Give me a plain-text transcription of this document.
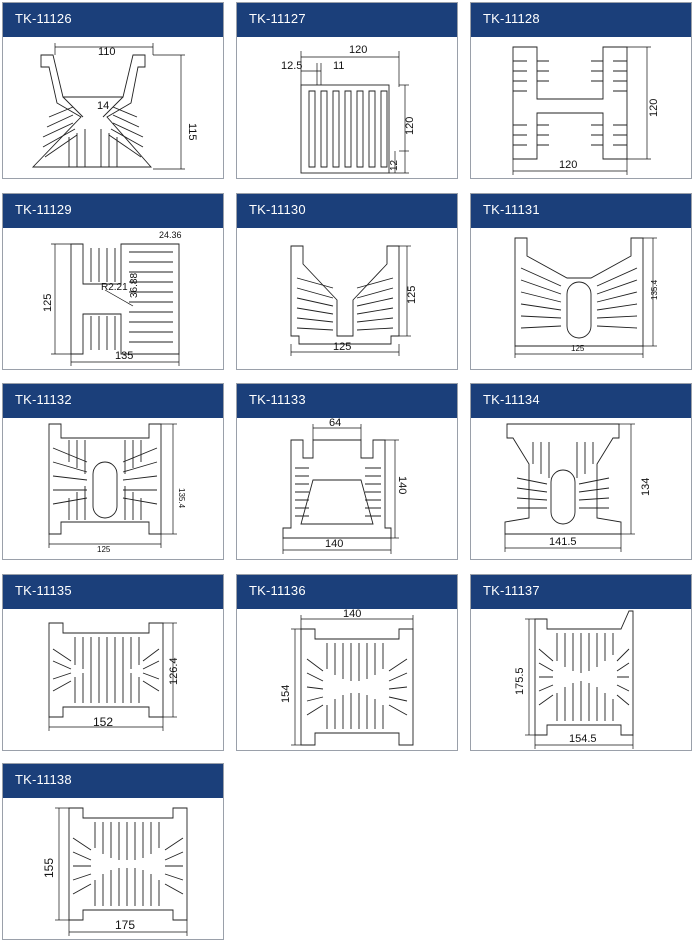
TK-11126
110
14
115
TK-11127
120
12.5	11
120
12
TK-11128
120
120
TK-11129
24.36
R2.21 36.88
125
135
TK-11130
125
125
TK-11131
135.4
125
TK-11132
135.4
125
TK-11133
64
140
140
TK-11134
134
141.5
TK-11135
126.4
152
TK-11136
140
154
TK-11137
175.5
154.5
TK-11138
155
175
